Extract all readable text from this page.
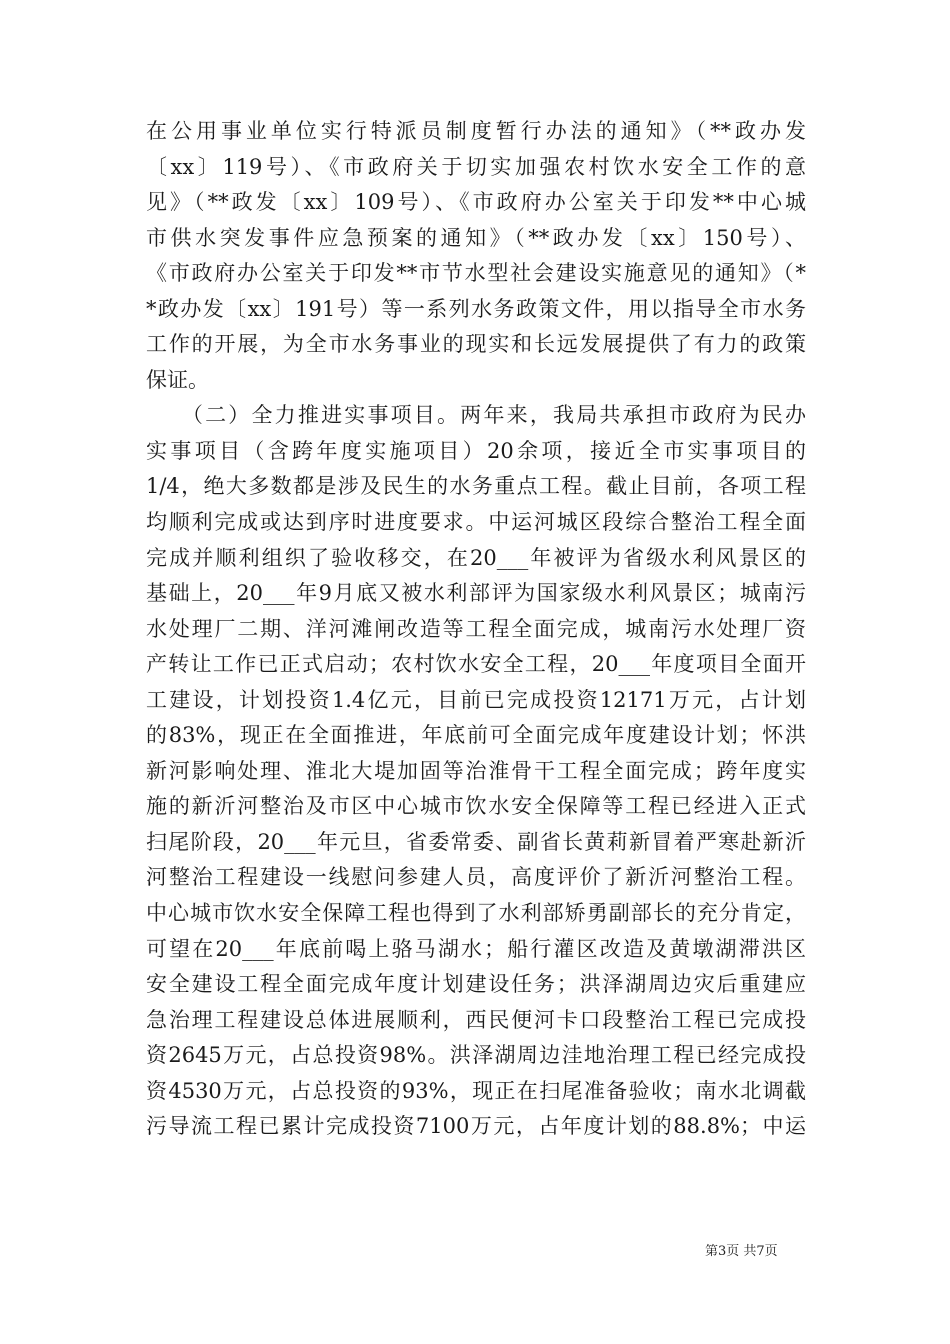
在公用事业单位实行特派员制度暂行办法的通知》（**政办发
〔xx〕119号）、《市政府关于切实加强农村饮水安全工作的意
见》（**政发〔xx〕109号）、《市政府办公室关于印发**中心城
市供水突发事件应急预案的通知》（**政办发〔xx〕150号）、
《市政府办公室关于印发**市节水型社会建设实施意见的通知》（*
*政办发〔xx〕191号）等一系列水务政策文件，用以指导全市水务
工作的开展，为全市水务事业的现实和长远发展提供了有力的政策
保证。
　　（二）全力推进实事项目。两年来，我局共承担市政府为民办
实事项目（含跨年度实施项目）20余项，接近全市实事项目的
1/4，绝大多数都是涉及民生的水务重点工程。截止目前，各项工程
均顺利完成或达到序时进度要求。中运河城区段综合整治工程全面
完成并顺利组织了验收移交，在20___年被评为省级水利风景区的
基础上，20___年9月底又被水利部评为国家级水利风景区；城南污
水处理厂二期、洋河滩闸改造等工程全面完成，城南污水处理厂资
产转让工作已正式启动；农村饮水安全工程，20___年度项目全面开
工建设，计划投资1.4亿元，目前已完成投资12171万元，占计划
的83%，现正在全面推进，年底前可全面完成年度建设计划；怀洪
新河影响处理、淮北大堤加固等治淮骨干工程全面完成；跨年度实
施的新沂河整治及市区中心城市饮水安全保障等工程已经进入正式
扫尾阶段，20___年元旦，省委常委、副省长黄莉新冒着严寒赴新沂
河整治工程建设一线慰问参建人员，高度评价了新沂河整治工程。
中心城市饮水安全保障工程也得到了水利部矫勇副部长的充分肯定，
可望在20___年底前喝上骆马湖水；船行灌区改造及黄墩湖滞洪区
安全建设工程全面完成年度计划建设任务；洪泽湖周边灾后重建应
急治理工程建设总体进展顺利，西民便河卡口段整治工程已完成投
资2645万元，占总投资98%。洪泽湖周边洼地治理工程已经完成投
资4530万元，占总投资的93%，现正在扫尾准备验收；南水北调截
污导流工程已累计完成投资7100万元，占年度计划的88.8%；中运
第3页 共7页
